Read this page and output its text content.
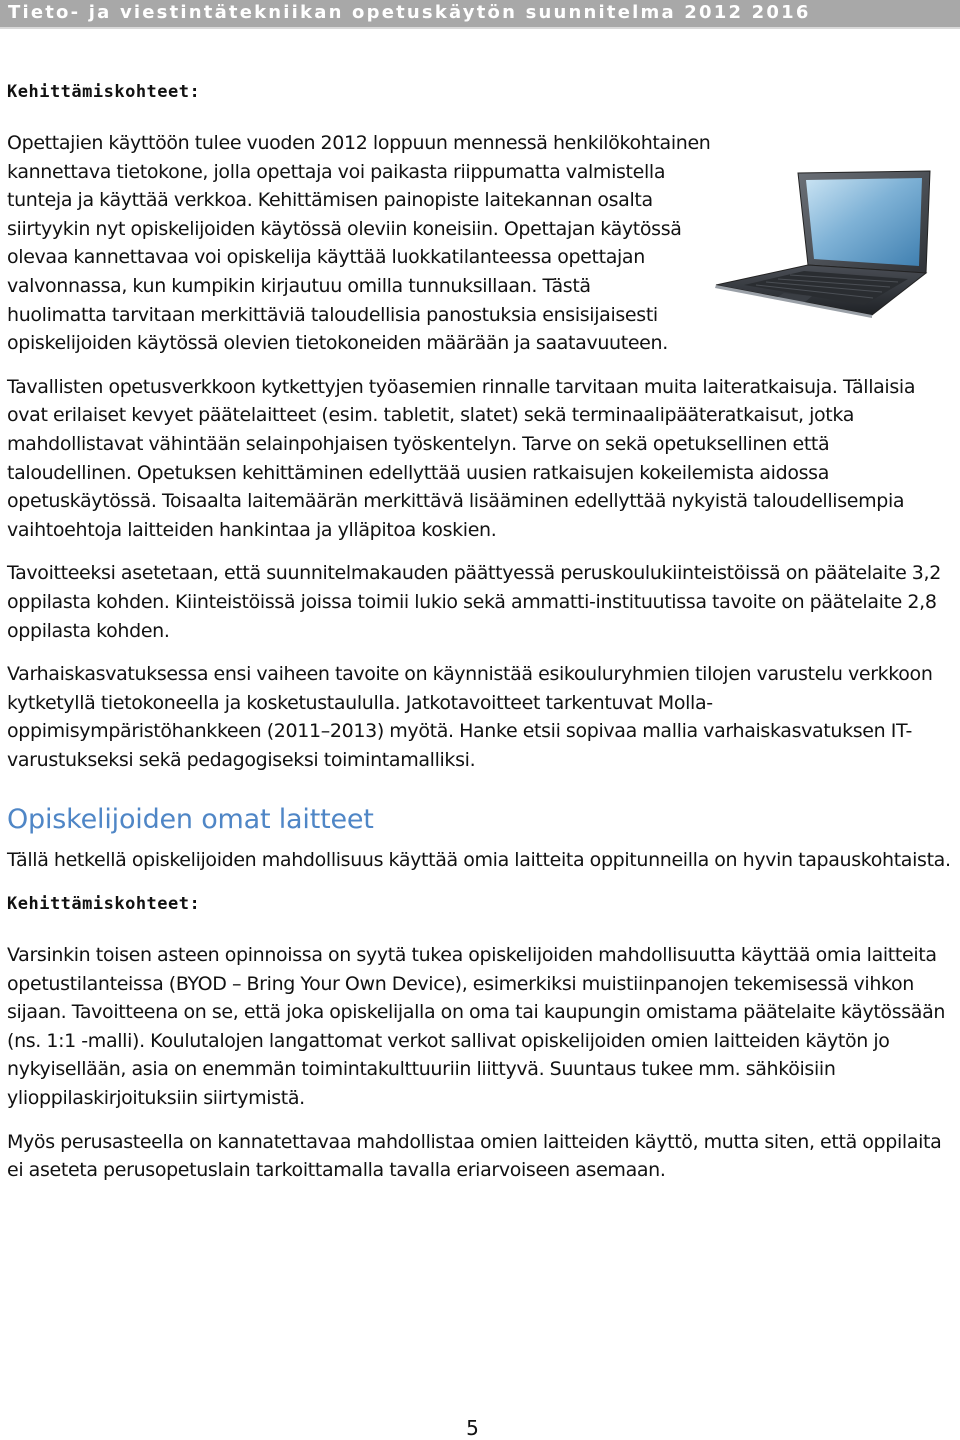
Tieto- ja viestintätekniikan opetuskäytön suunnitelma 2012 2016
Kehittämiskohteet:

Opettajien käyttöön tulee vuoden 2012 loppuun mennessä henkilökohtainen kannettava tietokone, jolla opettaja voi paikasta riippumatta valmistella tunteja ja käyttää verkkoa. Kehittämisen painopiste laitekannan osalta siirtyykin nyt opiskelijoiden käytössä oleviin koneisiin. Opettajan käytössä olevaa kannettavaa voi opiskelija käyttää luokkatilanteessa opettajan valvonnassa, kun kumpikin kirjautuu omilla tunnuksillaan. Tästä huolimatta tarvitaan merkittäviä taloudellisia panostuksia ensisijaisesti opiskelijoiden käytössä olevien tietokoneiden määrään ja saatavuuteen.

Tavallisten opetusverkkoon kytkettyjen työasemien rinnalle tarvitaan muita laiteratkaisuja. Tällaisia ovat erilaiset kevyet päätelaitteet (esim. tabletit, slatet) sekä terminaalipääteratkaisut, jotka mahdollistavat vähintään selainpohjaisen työskentelyn. Tarve on sekä opetuksellinen että taloudellinen. Opetuksen kehittäminen edellyttää uusien ratkaisujen kokeilemista aidossa opetuskäytössä. Toisaalta laitemäärän merkittävä lisääminen edellyttää nykyistä taloudellisempia vaihtoehtoja laitteiden hankintaa ja ylläpitoa koskien.

Tavoitteeksi asetetaan, että suunnitelmakauden päättyessä peruskoulukiinteistöissä on päätelaite 3,2 oppilasta kohden. Kiinteistöissä joissa toimii lukio sekä ammatti-instituutissa tavoite on päätelaite 2,8 oppilasta kohden.

Varhaiskasvatuksessa ensi vaiheen tavoite on käynnistää esikouluryhmien tilojen varustelu verkkoon kytketyllä tietokoneella ja kosketustaululla. Jatkotavoitteet tarkentuvat Molla-oppimisympäristöhankkeen (2011–2013) myötä. Hanke etsii sopivaa mallia varhaiskasvatuksen IT-varustukseksi sekä pedagogiseksi toimintamalliksi.

Opiskelijoiden omat laitteet

Tällä hetkellä opiskelijoiden mahdollisuus käyttää omia laitteita oppitunneilla on hyvin tapauskohtaista.

Kehittämiskohteet:

Varsinkin toisen asteen opinnoissa on syytä tukea opiskelijoiden mahdollisuutta käyttää omia laitteita opetustilanteissa (BYOD – Bring Your Own Device), esimerkiksi muistiinpanojen tekemisessä vihkon sijaan. Tavoitteena on se, että joka opiskelijalla on oma tai kaupungin omistama päätelaite käytössään (ns. 1:1 -malli). Koulutalojen langattomat verkot sallivat opiskelijoiden omien laitteiden käytön jo nykyisellään, asia on enemmän toimintakulttuuriin liittyvä. Suuntaus tukee mm. sähköisiin ylioppilaskirjoituksiin siirtymistä.

Myös perusasteella on kannatettavaa mahdollistaa omien laitteiden käyttö, mutta siten, että oppilaita ei aseteta perusopetuslain tarkoittamalla tavalla eriarvoiseen asemaan.

5
